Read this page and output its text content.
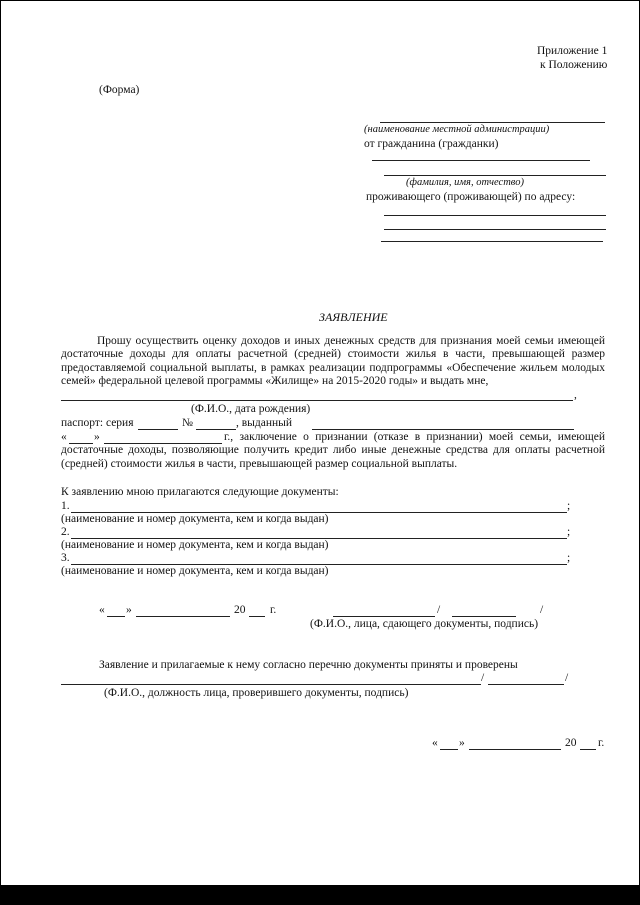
Приложение 1
к Положению
(Форма)
(наименование местной администрации)
от гражданина (гражданки)
(фамилия, имя, отчество)
проживающего (проживающей) по адресу:
ЗАЯВЛЕНИЕ
Прошу осуществить оценку доходов и иных денежных средств для признания моей семьи имеющей достаточные доходы для оплаты расчетной (средней) стоимости жилья в части, превышающей размер предоставляемой социальной выплаты, в рамках реализации подпрограммы «Обеспечение жильем молодых семей» федеральной целевой программы «Жилище» на 2015-2020 годы» и выдать мне,
,
(Ф.И.О., дата рождения)
паспорт: серия	№	, выданный
« »	г., заключение о признании (отказе в признании) моей семьи, имеющей достаточные доходы, позволяющие получить кредит либо иные денежные средства для оплаты расчетной (средней) стоимости жилья в части, превышающей размер социальной выплаты.
К заявлению мною прилагаются следующие документы:
1.	;
(наименование и номер документа, кем и когда выдан)
2.	;
(наименование и номер документа, кем и когда выдан)
3.	;
(наименование и номер документа, кем и когда выдан)
« »	20 г.	/	/
(Ф.И.О., лица, сдающего документы, подпись)
Заявление и прилагаемые к нему согласно перечню документы приняты и проверены
/	/
(Ф.И.О., должность лица, проверившего документы, подпись)
« »	20 г.
